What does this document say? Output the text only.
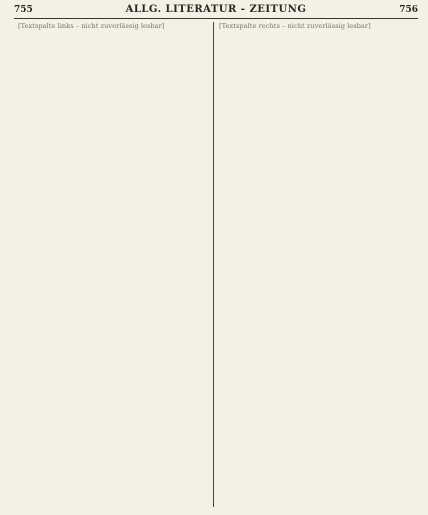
755	ALLG. LITERATUR - ZEITUNG	756

[Textspalte links – nicht zuverlässig lesbar]	[Textspalte rechts – nicht zuverlässig lesbar]
